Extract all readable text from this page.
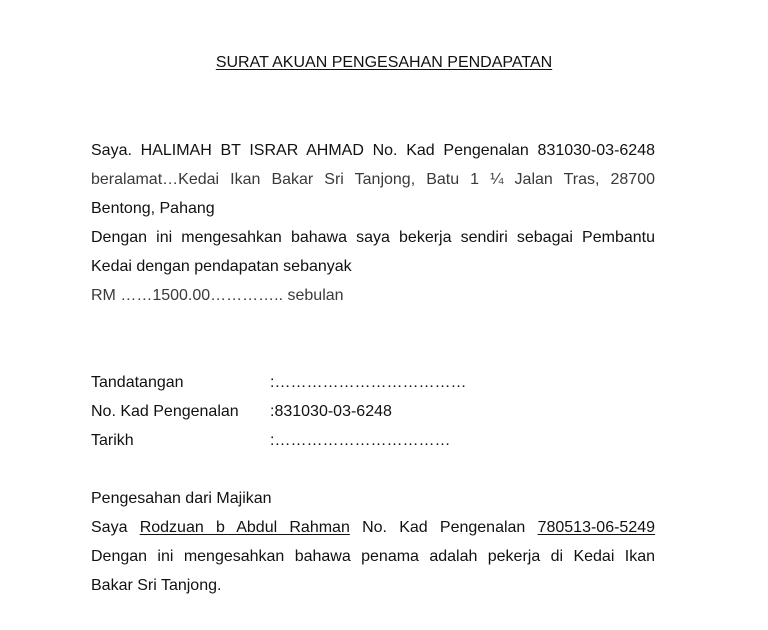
SURAT AKUAN PENGESAHAN PENDAPATAN
Saya. HALIMAH BT ISRAR AHMAD No. Kad Pengenalan 831030-03-6248
beralamat…Kedai Ikan Bakar Sri Tanjong, Batu 1 ¼ Jalan Tras, 28700
Bentong, Pahang
Dengan ini mengesahkan bahawa saya bekerja sendiri sebagai Pembantu
Kedai dengan pendapatan sebanyak
RM ……1500.00………….. sebulan
Tandatangan	:………………………………
No. Kad Pengenalan :831030-03-6248
Tarikh	:……………………………
Pengesahan dari Majikan
Saya Rodzuan b Abdul Rahman No. Kad Pengenalan 780513-06-5249
Dengan ini mengesahkan bahawa penama adalah pekerja di Kedai Ikan
Bakar Sri Tanjong.
